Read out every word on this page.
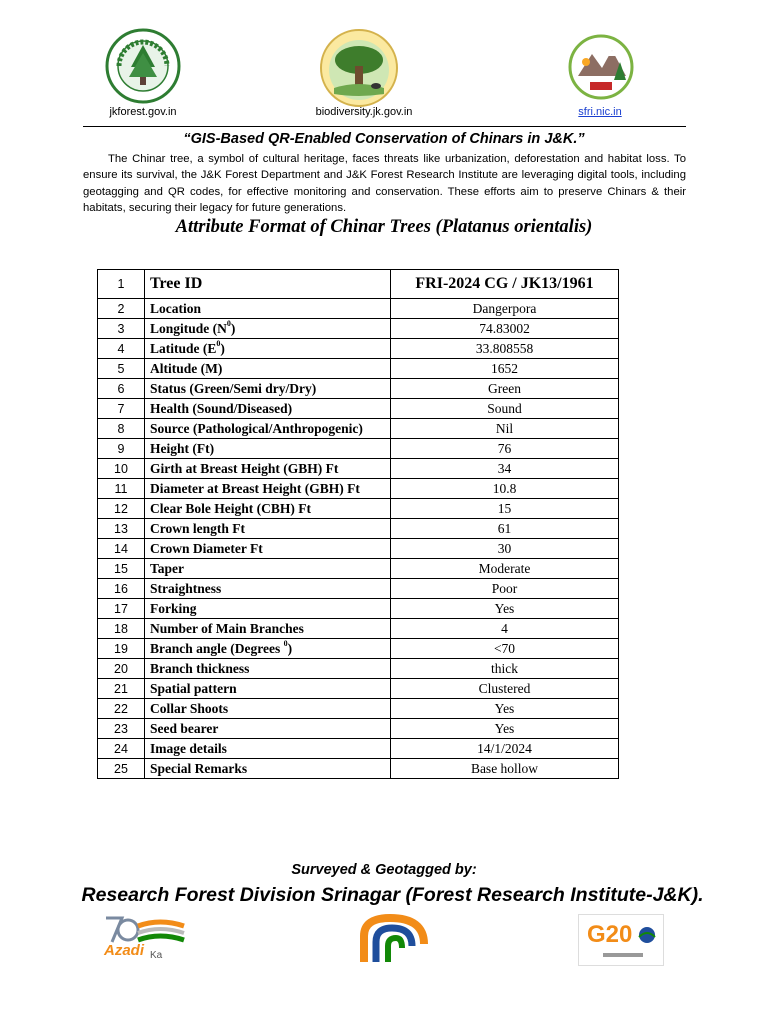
jkforest.gov.in	biodiversity.jk.gov.in	sfri.nic.in
“GIS-Based QR-Enabled Conservation of Chinars in J&K.”
The Chinar tree, a symbol of cultural heritage, faces threats like urbanization, deforestation and habitat loss. To ensure its survival, the J&K Forest Department and J&K Forest Research Institute are leveraging digital tools, including geotagging and QR codes, for effective monitoring and conservation. These efforts aim to preserve Chinars & their habitats, securing their legacy for future generations.
Attribute Format of Chinar Trees (Platanus orientalis)
1	Tree ID	FRI-2024 CG / JK13/1961
2	Location	Dangerpora
3	Longitude $(N^0)$	74.83002
4	Latitude $(E^0)$	33.808558
5	Altitude (M)	1652
6	Status (Green/Semi dry/Dry)	Green
7	Health (Sound/Diseased)	Sound
8	Source (Pathological/Anthropogenic)	Nil
9	Height (Ft)	76
10	Girth at Breast Height (GBH) Ft	34
11	Diameter at Breast Height (GBH) Ft	10.8
12	Clear Bole Height (CBH) Ft	15
13	Crown length Ft	61
14	Crown Diameter Ft	30
15	Taper	Moderate
16	Straightness	Poor
17	Forking	Yes
18	Number of Main Branches	4
19	Branch angle (Degrees $^0$)	<70
20	Branch thickness	thick
21	Spatial pattern	Clustered
22	Collar Shoots	Yes
23	Seed bearer	Yes
24	Image details	14/1/2024
25	Special Remarks	Base hollow
Surveyed & Geotagged by:
Research Forest Division Srinagar (Forest Research Institute-J&K).
Azadi Ka
G20
